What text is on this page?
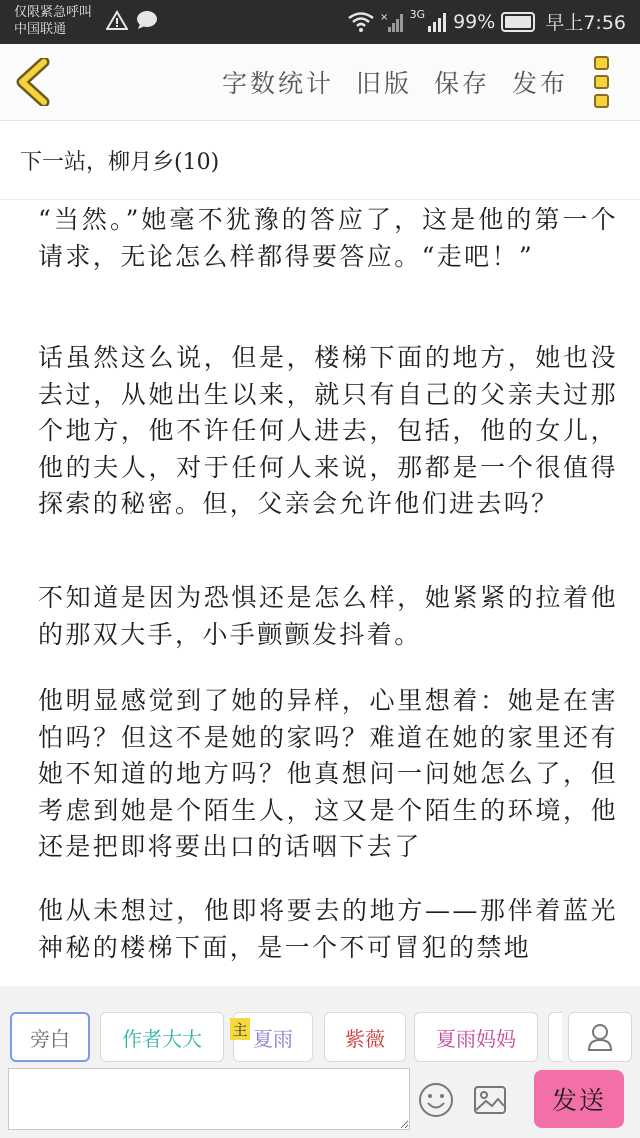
仅限紧急呼叫
中国联通
× 3G 99%	早上7:56
字数统计 旧版 保存 发布
下一站，柳月乡(10)

“当然。”她毫不犹豫的答应了，这是他的第一个请求，无论怎么样都得要答应。“走吧！”

话虽然这么说，但是，楼梯下面的地方，她也没去过，从她出生以来，就只有自己的父亲夫过那个地方，他不许任何人进去，包括，他的女儿，他的夫人，对于任何人来说，那都是一个很值得探索的秘密。但，父亲会允许他们进去吗？

不知道是因为恐惧还是怎么样，她紧紧的拉着他的那双大手，小手颤颤发抖着。

他明显感觉到了她的异样，心里想着：她是在害怕吗？但这不是她的家吗？难道在她的家里还有她不知道的地方吗？他真想问一问她怎么了，但考虑到她是个陌生人，这又是个陌生的环境，他还是把即将要出口的话咽下去了

他从未想过，他即将要去的地方——那伴着蓝光神秘的楼梯下面，是一个不可冒犯的禁地

旁白	作者大大	夏雨
主	紫薇	夏雨妈妈
发送
